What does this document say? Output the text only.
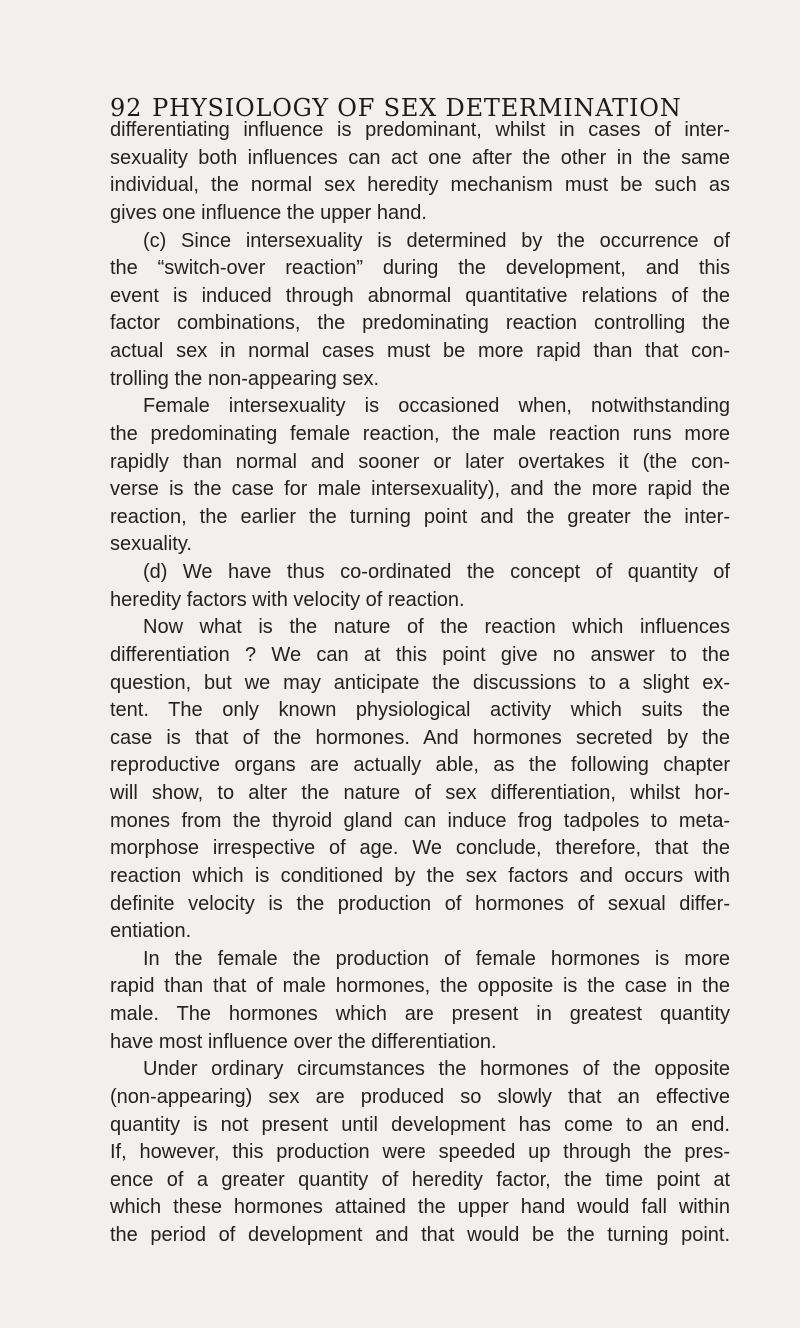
92 PHYSIOLOGY OF SEX DETERMINATION
differentiating influence is predominant, whilst in cases of inter-
sexuality both influences can act one after the other in the same
individual, the normal sex heredity mechanism must be such as
gives one influence the upper hand.
(c) Since intersexuality is determined by the occurrence of
the “switch-over reaction” during the development, and this
event is induced through abnormal quantitative relations of the
factor combinations, the predominating reaction controlling the
actual sex in normal cases must be more rapid than that con-
trolling the non-appearing sex.
Female intersexuality is occasioned when, notwithstanding
the predominating female reaction, the male reaction runs more
rapidly than normal and sooner or later overtakes it (the con-
verse is the case for male intersexuality), and the more rapid the
reaction, the earlier the turning point and the greater the inter-
sexuality.
(d) We have thus co-ordinated the concept of quantity of
heredity factors with velocity of reaction.
Now what is the nature of the reaction which influences
differentiation ? We can at this point give no answer to the
question, but we may anticipate the discussions to a slight ex-
tent. The only known physiological activity which suits the
case is that of the hormones. And hormones secreted by the
reproductive organs are actually able, as the following chapter
will show, to alter the nature of sex differentiation, whilst hor-
mones from the thyroid gland can induce frog tadpoles to meta-
morphose irrespective of age. We conclude, therefore, that the
reaction which is conditioned by the sex factors and occurs with
definite velocity is the production of hormones of sexual differ-
entiation.
In the female the production of female hormones is more
rapid than that of male hormones, the opposite is the case in the
male. The hormones which are present in greatest quantity
have most influence over the differentiation.
Under ordinary circumstances the hormones of the opposite
(non-appearing) sex are produced so slowly that an effective
quantity is not present until development has come to an end.
If, however, this production were speeded up through the pres-
ence of a greater quantity of heredity factor, the time point at
which these hormones attained the upper hand would fall within
the period of development and that would be the turning point.
